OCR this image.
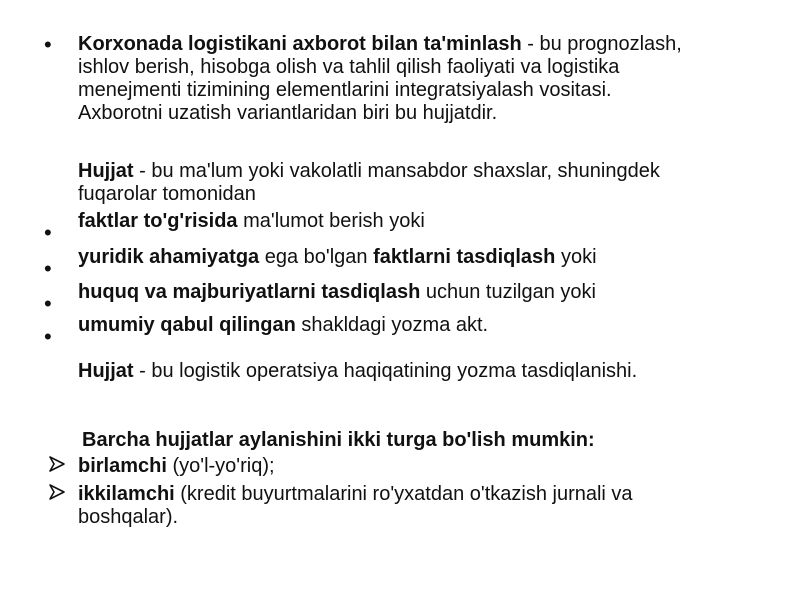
• Korxonada logistikani axborot bilan ta'minlash - bu prognozlash,
ishlov berish, hisobga olish va tahlil qilish faoliyati va logistika
menejmenti tizimining elementlarini integratsiyalash vositasi.
Axborotni uzatish variantlaridan biri bu hujjatdir.
Hujjat - bu ma'lum yoki vakolatli mansabdor shaxslar, shuningdek
fuqarolar tomonidan
• faktlar to'g'risida ma'lumot berish yoki
• yuridik ahamiyatga ega bo'lgan faktlarni tasdiqlash yoki
• huquq va majburiyatlarni tasdiqlash uchun tuzilgan yoki
• umumiy qabul qilingan shakldagi yozma akt.
Hujjat - bu logistik operatsiya haqiqatining yozma tasdiqlanishi.
Barcha hujjatlar aylanishini ikki turga bo'lish mumkin:
birlamchi (yo'l-yo'riq);
ikkilamchi (kredit buyurtmalarini ro'yxatdan o'tkazish jurnali va
boshqalar).
